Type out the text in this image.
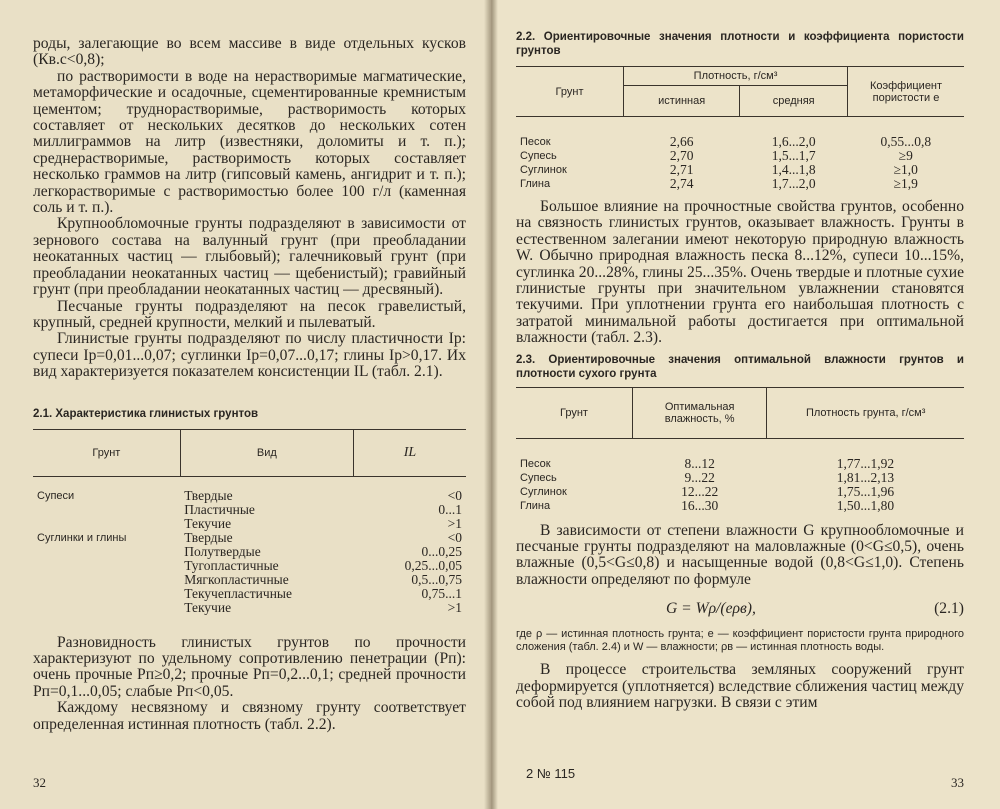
роды, залегающие во всем массиве в виде отдельных кусков (Кв.с<0,8);

по растворимости в воде на нерастворимые магматические, метаморфические и осадочные, сцементированные кремнистым цементом; труднорастворимые, растворимость которых составляет от нескольких десятков до нескольких сотен миллиграммов на литр (известняки, доломиты и т. п.); среднерастворимые, растворимость которых составляет несколько граммов на литр (гипсовый камень, ангидрит и т. п.); легкорастворимые с растворимостью более 100 г/л (каменная соль и т. п.).

Крупнообломочные грунты подразделяют в зависимости от зернового состава на валунный грунт (при преобладании неокатанных частиц — глыбовый); галечниковый грунт (при преобладании неокатанных частиц — щебенистый); гравийный грунт (при преобладании неокатанных частиц — дресвяный).

Песчаные грунты подразделяют на песок гравелистый, крупный, средней крупности, мелкий и пылеватый.

Глинистые грунты подразделяют по числу пластичности Ip: супеси Ip=0,01...0,07; суглинки Ip=0,07...0,17; глины Ip>0,17. Их вид характеризуется показателем консистенции IL (табл. 2.1).

2.1. Характеристика глинистых грунтов

Грунт	Вид	IL
Супеси	Твердые	<0
	Пластичные	0...1
	Текучие	>1
Суглинки и глины	Твердые	<0
	Полутвердые	0...0,25
	Тугопластичные	0,25...0,05
	Мягкопластичные	0,5...0,75
	Текучепластичные	0,75...1
	Текучие	>1

Разновидность глинистых грунтов по прочности характеризуют по удельному сопротивлению пенетрации (Pп): очень прочные Pп≥0,2; прочные Pп=0,2...0,1; средней прочности Pп=0,1...0,05; слабые Pп<0,05.

Каждому несвязному и связному грунту соответствует определенная истинная плотность (табл. 2.2).

32

2.2. Ориентировочные значения плотности и коэффициента пористости грунтов

Грунт	Плотность, г/см³		Коэффициент пористости e
	истинная	средняя	
Песок	2,66	1,6...2,0	0,55...0,8
Супесь	2,70	1,5...1,7	≥9
Суглинок	2,71	1,4...1,8	≥1,0
Глина	2,74	1,7...2,0	≥1,9

Большое влияние на прочностные свойства грунтов, особенно на связность глинистых грунтов, оказывает влажность. Грунты в естественном залегании имеют некоторую природную влажность W. Обычно природная влажность песка 8...12%, супеси 10...15%, суглинка 20...28%, глины 25...35%. Очень твердые и плотные сухие глинистые грунты при значительном увлажнении становятся текучими. При уплотнении грунта его наибольшая плотность с затратой минимальной работы достигается при оптимальной влажности (табл. 2.3).

2.3. Ориентировочные значения оптимальной влажности грунтов и плотности сухого грунта

Грунт	Оптимальная влажность, %	Плотность грунта, г/см³
Песок	8...12	1,77...1,92
Супесь	9...22	1,81...2,13
Суглинок	12...22	1,75...1,96
Глина	16...30	1,50...1,80

В зависимости от степени влажности G крупнообломочные и песчаные грунты подразделяют на маловлажные (0<G≤0,5), очень влажные (0,5<G≤0,8) и насыщенные водой (0,8<G≤1,0). Степень влажности определяют по формуле

G = Wρ/(eρв),	(2.1)

где ρ — истинная плотность грунта; e — коэффициент пористости грунта природного сложения (табл. 2.4) и W — влажности; ρв — истинная плотность воды.

В процессе строительства земляных сооружений грунт деформируется (уплотняется) вследствие сближения частиц между собой под влиянием нагрузки. В связи с этим

2 № 115
33
